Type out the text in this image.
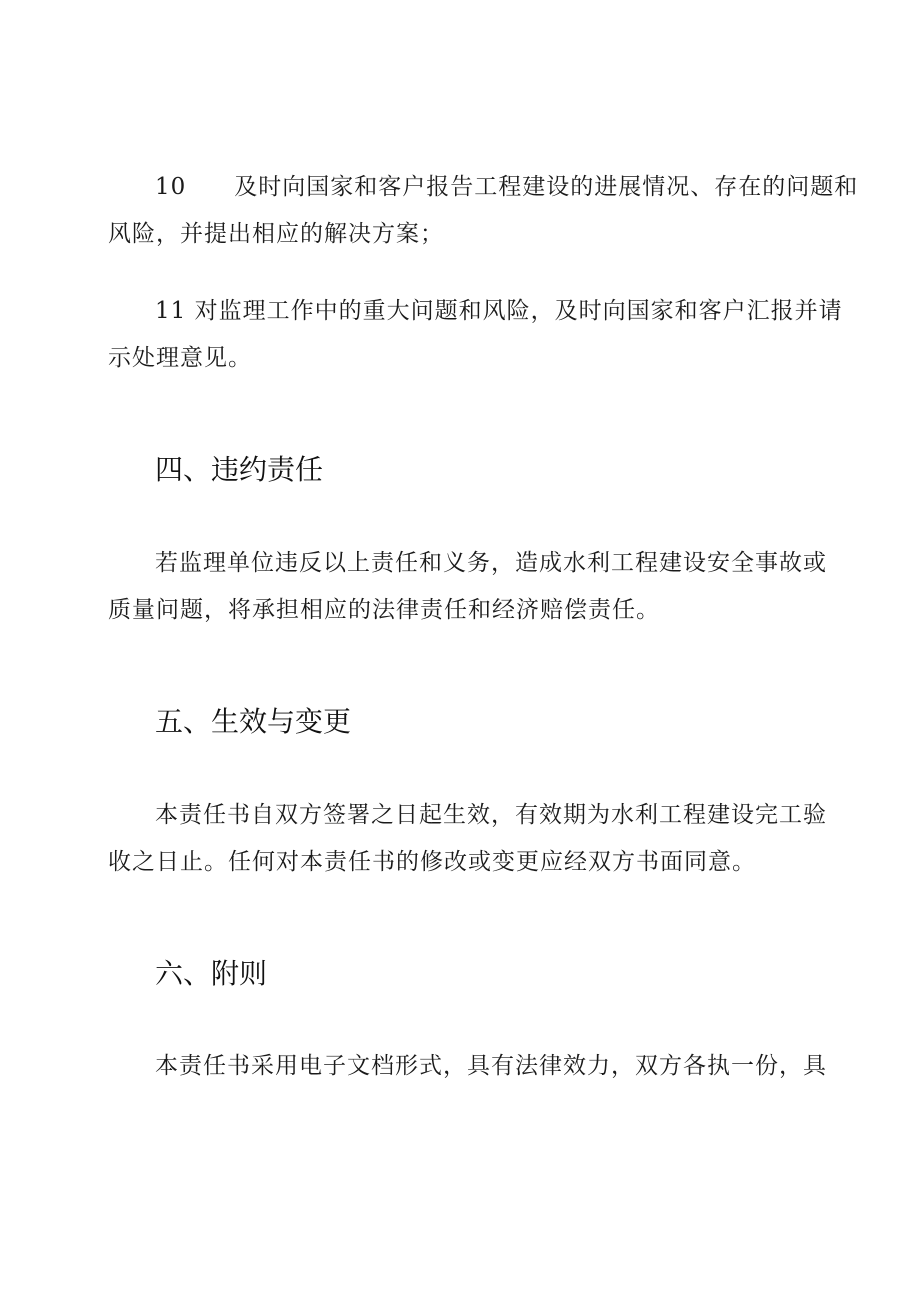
10　　及时向国家和客户报告工程建设的进展情况、存在的问题和
风险，并提出相应的解决方案；
11 对监理工作中的重大问题和风险，及时向国家和客户汇报并请
示处理意见。
四、违约责任
若监理单位违反以上责任和义务，造成水利工程建设安全事故或
质量问题，将承担相应的法律责任和经济赔偿责任。
五、生效与变更
本责任书自双方签署之日起生效，有效期为水利工程建设完工验
收之日止。任何对本责任书的修改或变更应经双方书面同意。
六、附则
本责任书采用电子文档形式，具有法律效力，双方各执一份，具
